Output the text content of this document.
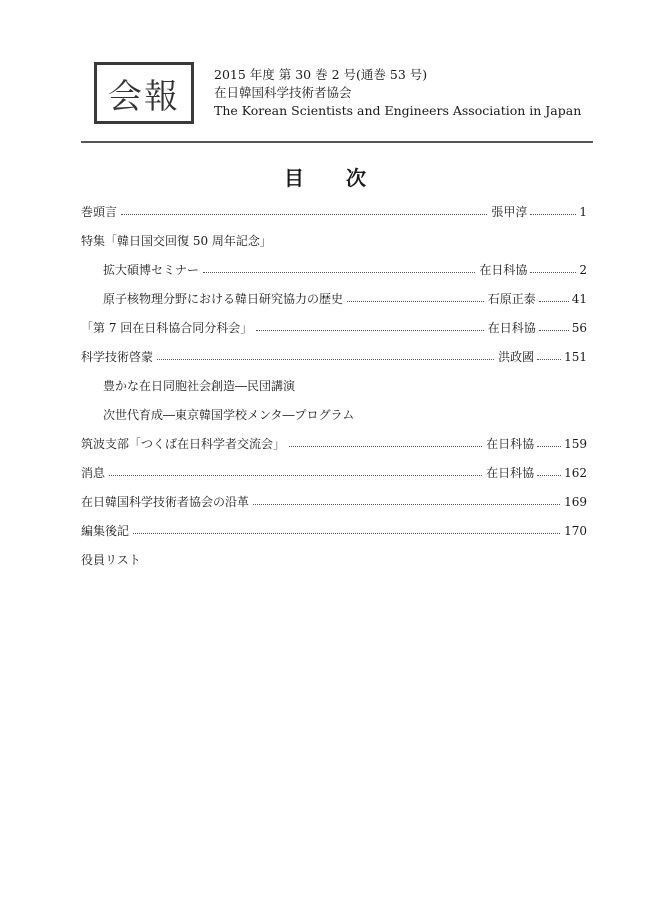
会報
2015 年度 第 30 巻 2 号(通巻 53 号)
在日韓国科学技術者協会
The Korean Scientists and Engineers Association in Japan
目次
巻頭言	張甲淳	1
特集「韓日国交回復 50 周年記念」
拡大碩博セミナー	在日科協	2
原子核物理分野における韓日研究協力の歴史	石原正泰	41
「第 7 回在日科協合同分科会」	在日科協	56
科学技術啓蒙	洪政國	151
豊かな在日同胞社会創造―民団講演
次世代育成―東京韓国学校メンタ―プログラム
筑波支部「つくば在日科学者交流会」	在日科協	159
消息	在日科協	162
在日韓国科学技術者協会の沿革	169
編集後記	170
役員リスト
